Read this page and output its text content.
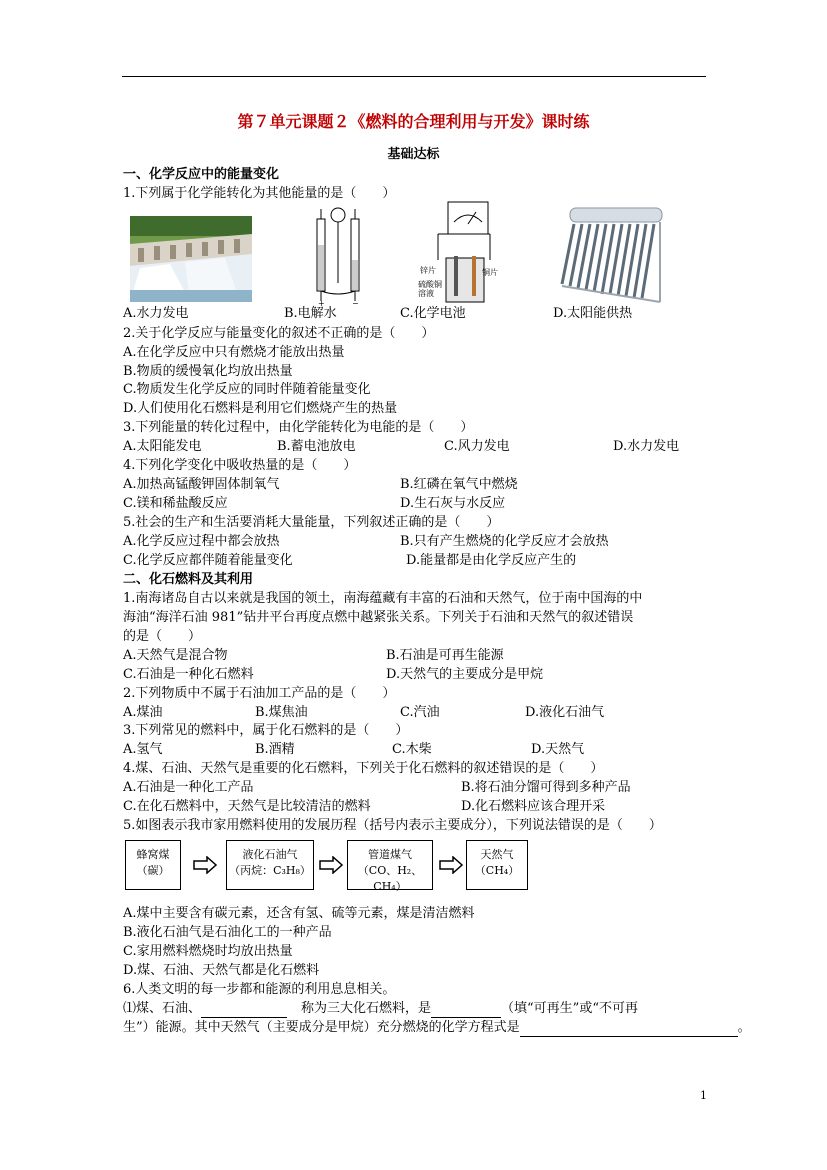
第７单元课题２《燃料的合理利用与开发》课时练
基础达标
一、化学反应中的能量变化
1.下列属于化学能转化为其他能量的是（　　）
+	−
锌片	铜片
硫酸铜溶液
A.水力发电	B.电解水	C.化学电池	D.太阳能供热
2.关于化学反应与能量变化的叙述不正确的是（　　）
A.在化学反应中只有燃烧才能放出热量
B.物质的缓慢氧化均放出热量
C.物质发生化学反应的同时伴随着能量变化
D.人们使用化石燃料是利用它们燃烧产生的热量
3.下列能量的转化过程中，由化学能转化为电能的是（　　）
A.太阳能发电	B.蓄电池放电	C.风力发电	D.水力发电
4.下列化学变化中吸收热量的是（　　）
A.加热高锰酸钾固体制氧气	B.红磷在氧气中燃烧
C.镁和稀盐酸反应	D.生石灰与水反应
5.社会的生产和生活要消耗大量能量，下列叙述正确的是（　　）
A.化学反应过程中都会放热	B.只有产生燃烧的化学反应才会放热
C.化学反应都伴随着能量变化	D.能量都是由化学反应产生的
二、化石燃料及其利用
1.南海诸岛自古以来就是我国的领土，南海蕴藏有丰富的石油和天然气，位于南中国海的中
海油“海洋石油 981”钻井平台再度点燃中越紧张关系。下列关于石油和天然气的叙述错误
的是（　　）
A.天然气是混合物	B.石油是可再生能源
C.石油是一种化石燃料	D.天然气的主要成分是甲烷
2.下列物质中不属于石油加工产品的是（　　）
A.煤油	B.煤焦油	C.汽油	D.液化石油气
3.下列常见的燃料中，属于化石燃料的是（　　）
A.氢气	B.酒精	C.木柴	D.天然气
4.煤、石油、天然气是重要的化石燃料，下列关于化石燃料的叙述错误的是（　　）
A.石油是一种化工产品	B.将石油分馏可得到多种产品
C.在化石燃料中，天然气是比较清洁的燃料	D.化石燃料应该合理开采
5.如图表示我市家用燃料使用的发展历程（括号内表示主要成分），下列说法错误的是（　　）
蜂窝煤
（碳）
液化石油气
（丙烷：C₃H₈）
管道煤气
（CO、H₂、CH₄）
天然气
（CH₄）
A.煤中主要含有碳元素，还含有氢、硫等元素，煤是清洁燃料
B.液化石油气是石油化工的一种产品
C.家用燃料燃烧时均放出热量
D.煤、石油、天然气都是化石燃料
6.人类文明的每一步都和能源的利用息息相关。
⑴煤、石油、	称为三大化石燃料，是	（填“可再生”或“不可再
生”）能源。其中天然气（主要成分是甲烷）充分燃烧的化学方程式是	。
1
